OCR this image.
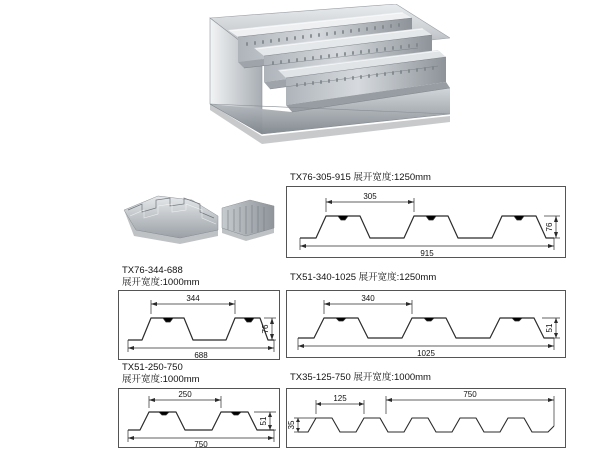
TX76-305-915 展开宽度:1250mm
305
76
915
TX76-344-688
展开宽度:1000mm
344
76
688
TX51-340-1025 展开宽度:1250mm
340
51
1025
TX51-250-750
展开宽度:1000mm
250
51
750
TX35-125-750 展开宽度:1000mm
125	750
35
